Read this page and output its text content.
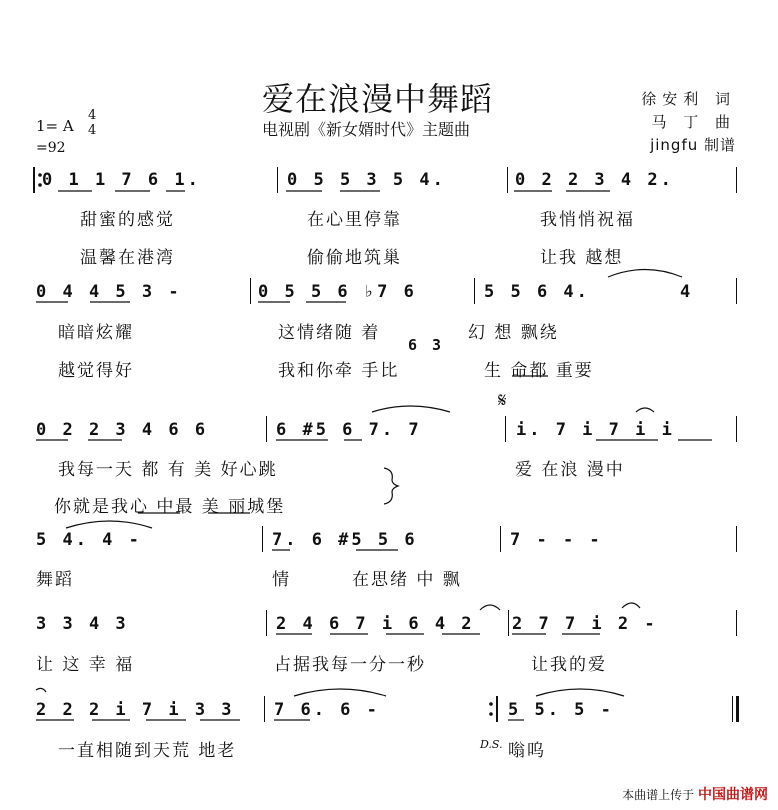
爱在浪漫中舞蹈
电视剧《新女婿时代》主题曲
徐安利 词
马 丁 曲
jingfu 制谱
1= A
4
4
=92
0 1 1 7 6 1.	0 5 5 3 5 4.	0 2 2 3 4 2.
甜蜜的感觉	在心里停靠	我悄悄祝福
温馨在港湾	偷偷地筑巢	让我 越想
0 4 4 5 3 -	0 5 5 6 ♭7 6	5 5 6 4.	4
暗暗炫耀	这情绪随 着	幻 想 飘绕
6 3
越觉得好	我和你牵 手比	生 命都 重要
𝄋
0 2 2 3 4 6 6	6 #5 6 7. 7	i. 7 i 7 i i
我每一天 都 有 美 好心跳	爱 在浪 漫中
你就是我心 中最 美 丽城堡
5 4. 4 -	7. 6 #5 5 6	7 - - -
舞蹈	情	在思绪 中 飘
3 3 4 3	2 4 6 7 i 6 4 2 2 7 7 i 2 -
让 这 幸 福	占据我每一分一秒	让我的爱
2 2 2 i 7 i 3 3 7 6. 6 -	5 5. 5 -
一直相随到天荒 地老	D.S. 嗡呜
本曲谱上传于 中国曲谱网
